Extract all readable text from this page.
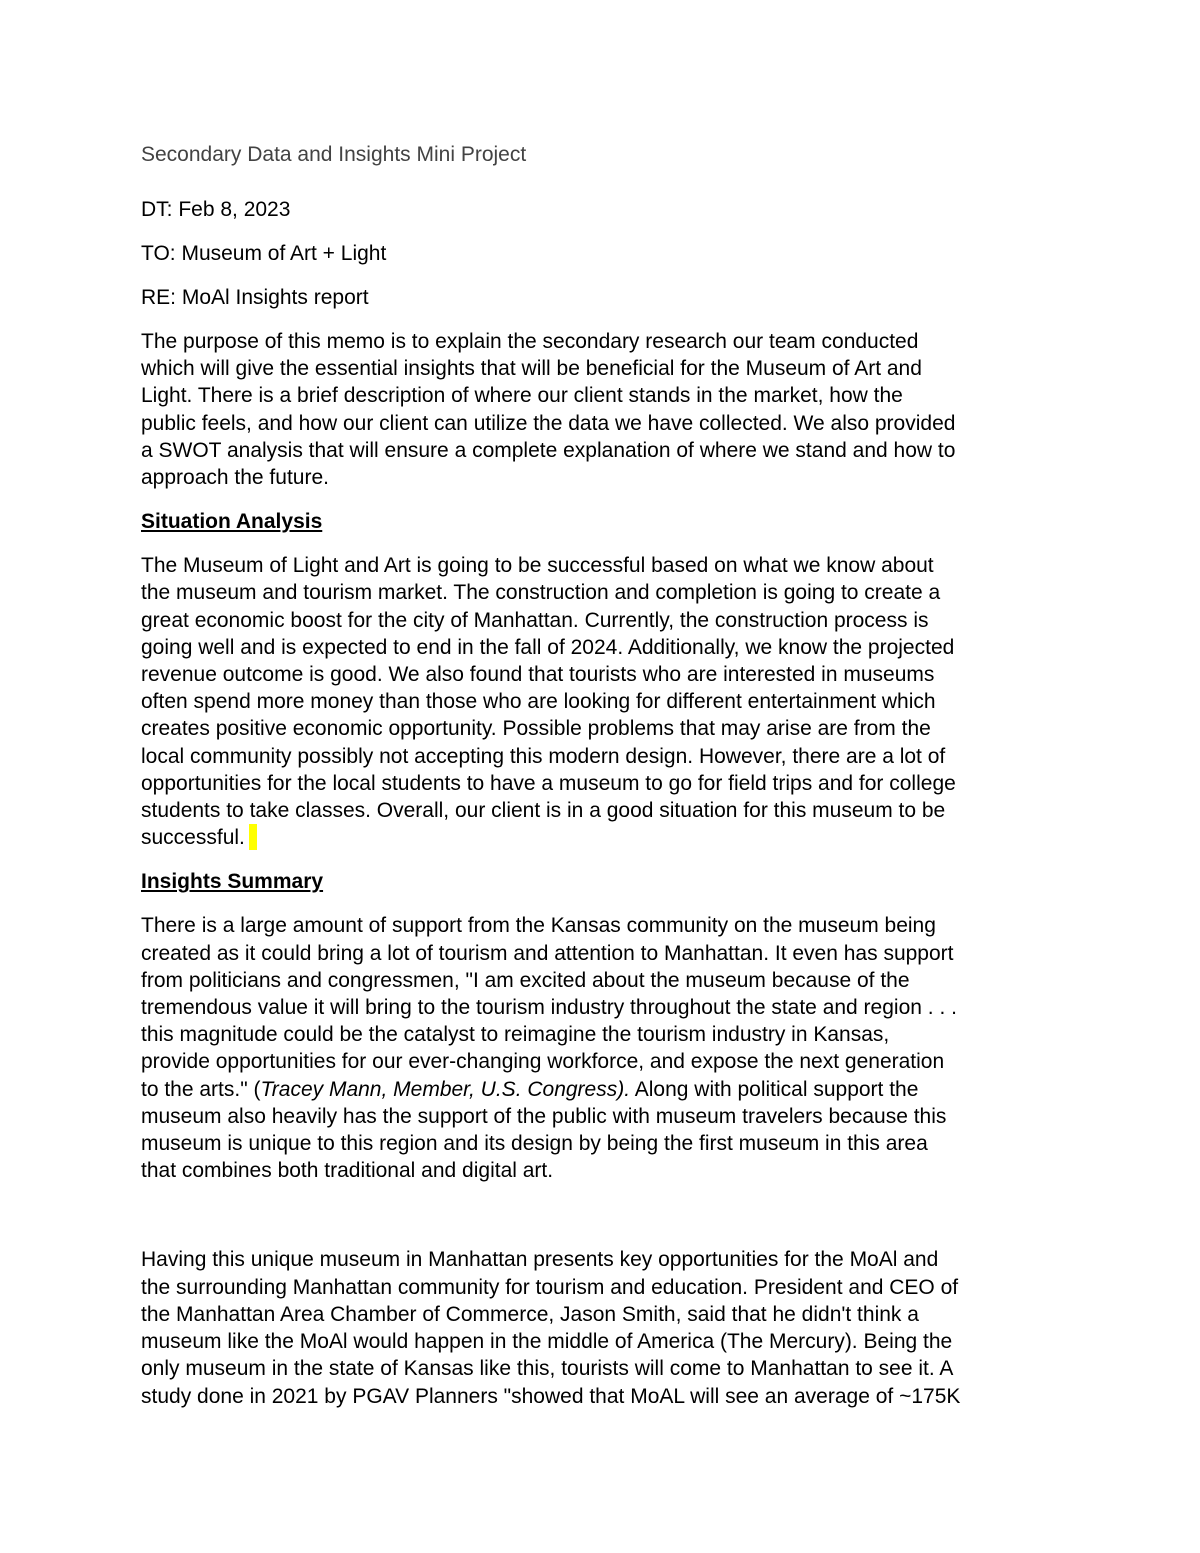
Secondary Data and Insights Mini Project
DT: Feb 8, 2023
TO: Museum of Art + Light
RE: MoAl Insights report
The purpose of this memo is to explain the secondary research our team conducted
which will give the essential insights that will be beneficial for the Museum of Art and
Light. There is a brief description of where our client stands in the market, how the
public feels, and how our client can utilize the data we have collected. We also provided
a SWOT analysis that will ensure a complete explanation of where we stand and how to
approach the future.
Situation Analysis
The Museum of Light and Art is going to be successful based on what we know about
the museum and tourism market. The construction and completion is going to create a
great economic boost for the city of Manhattan. Currently, the construction process is
going well and is expected to end in the fall of 2024. Additionally, we know the projected
revenue outcome is good. We also found that tourists who are interested in museums
often spend more money than those who are looking for different entertainment which
creates positive economic opportunity. Possible problems that may arise are from the
local community possibly not accepting this modern design. However, there are a lot of
opportunities for the local students to have a museum to go for field trips and for college
students to take classes. Overall, our client is in a good situation for this museum to be
successful.
Insights Summary
There is a large amount of support from the Kansas community on the museum being
created as it could bring a lot of tourism and attention to Manhattan. It even has support
from politicians and congressmen, "I am excited about the museum because of the
tremendous value it will bring to the tourism industry throughout the state and region . . .
this magnitude could be the catalyst to reimagine the tourism industry in Kansas,
provide opportunities for our ever-changing workforce, and expose the next generation
to the arts." (Tracey Mann, Member, U.S. Congress). Along with political support the
museum also heavily has the support of the public with museum travelers because this
museum is unique to this region and its design by being the first museum in this area
that combines both traditional and digital art.
Having this unique museum in Manhattan presents key opportunities for the MoAl and
the surrounding Manhattan community for tourism and education. President and CEO of
the Manhattan Area Chamber of Commerce, Jason Smith, said that he didn't think a
museum like the MoAl would happen in the middle of America (The Mercury). Being the
only museum in the state of Kansas like this, tourists will come to Manhattan to see it. A
study done in 2021 by PGAV Planners "showed that MoAL will see an average of ~175K
